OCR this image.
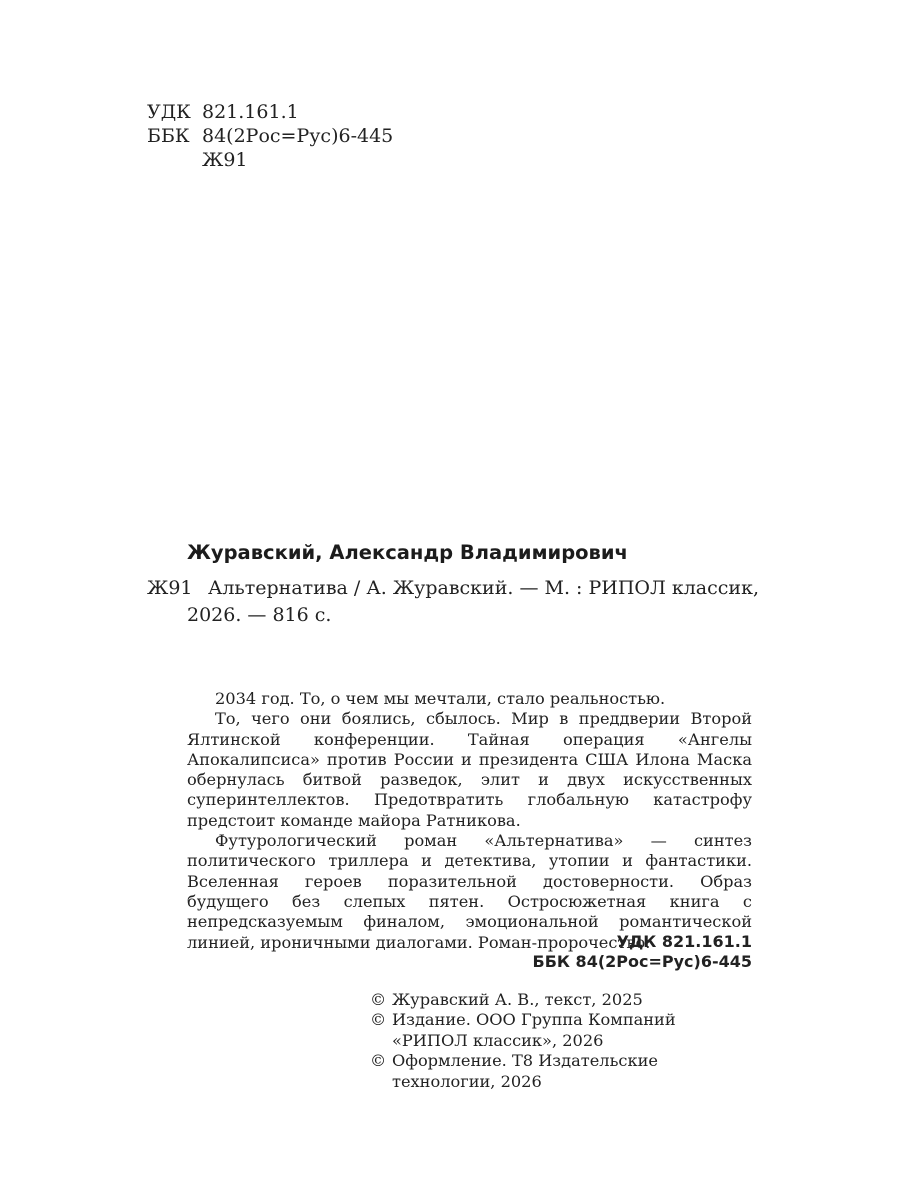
УДК 821.161.1
ББК 84(2Рос=Рус)6-445
Ж91
Журавский, Александр Владимирович
Ж91 Альтернатива / А. Журавский. — М. : РИПОЛ классик,
2026. — 816 с.

2034 год. То, о чем мы мечтали, стало реальностью.

То, чего они боялись, сбылось. Мир в преддверии Второй Ялтинской конференции. Тайная операция «Ангелы Апокалипсиса» против России и президента США Илона Маска обернулась битвой разведок, элит и двух искусственных суперинтеллектов. Предотвратить глобальную катастрофу предстоит команде майора Ратникова.

Футурологический роман «Альтернатива» — синтез политического триллера и детектива, утопии и фантастики. Вселенная героев поразительной достоверности. Образ будущего без слепых пятен. Остросюжетная книга с непредсказуемым финалом, эмоциональной романтической линией, ироничными диалогами. Роман-пророчество.

УДК 821.161.1
ББК 84(2Рос=Рус)6-445
© Журавский А. В., текст, 2025
© Издание. ООО Группа Компаний «РИПОЛ классик», 2026
© Оформление. Т8 Издательские технологии, 2026
